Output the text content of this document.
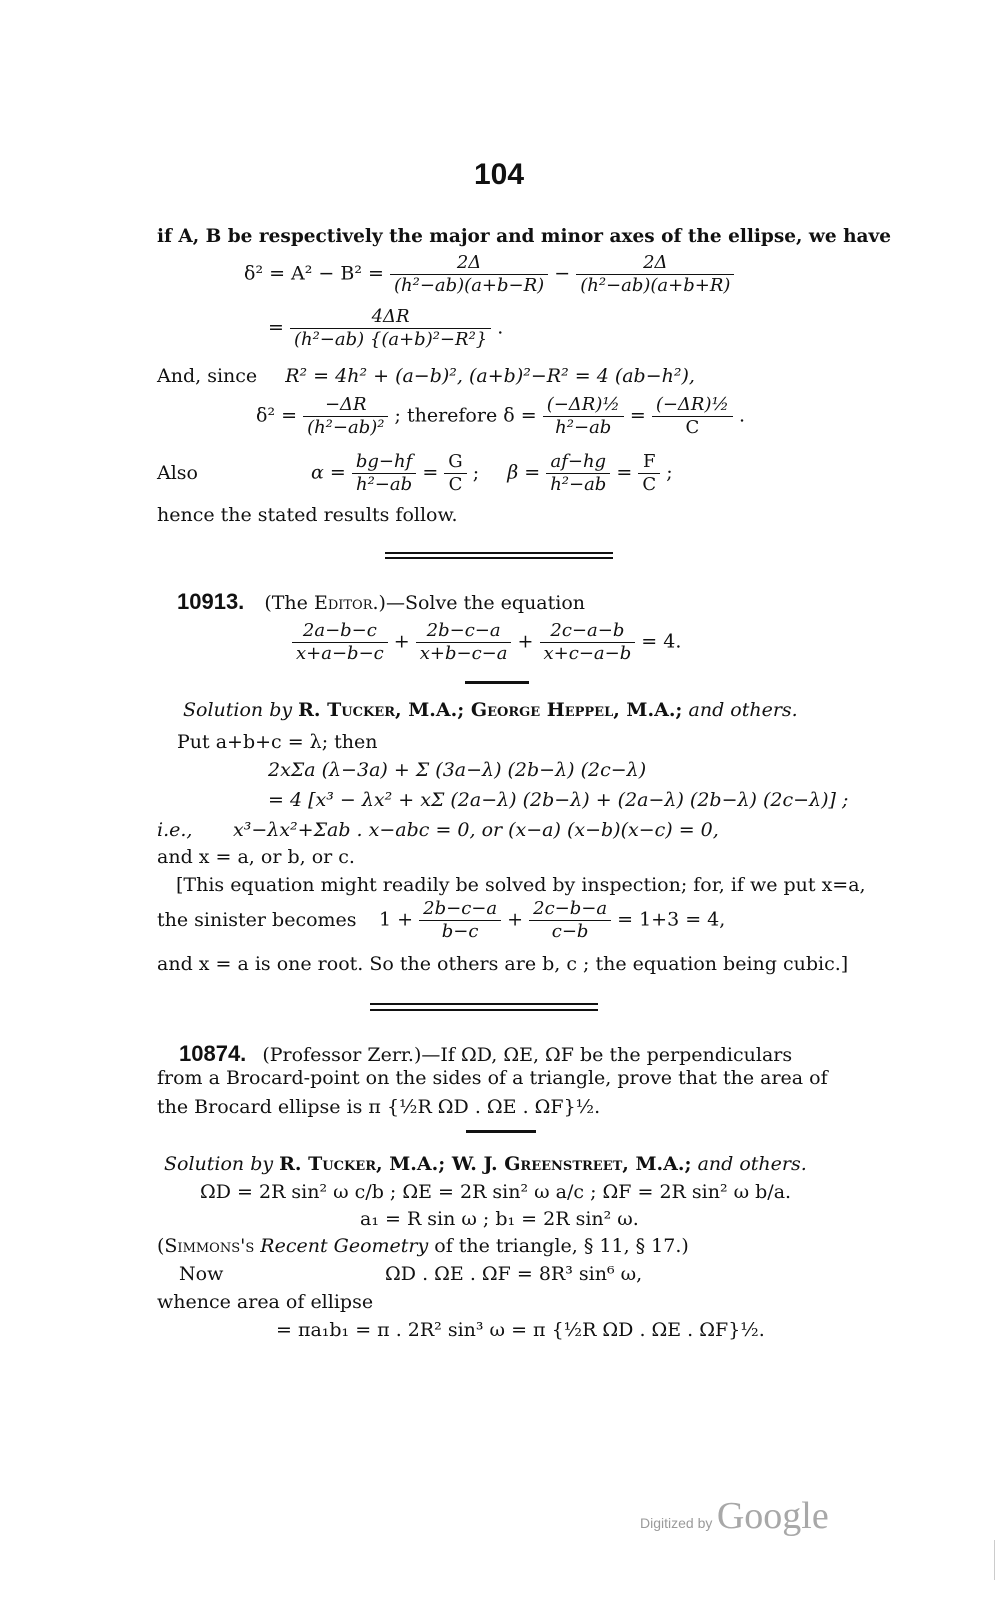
104
if A, B be respectively the major and minor axes of the ellipse, we have
$\delta^2 = A^2 - B^2 = \frac{2\Delta}{\text{(h²−ab)(a+b−R)}} - \frac{2\Delta}{\text{(h²−ab)(a+b+R)}}$
= $\frac{4\Delta R}{\text{(h²−ab) \{(a+b)²−R²\}}}$ .
And, since R² = 4h² + (a−b)², (a+b)²−R² = 4 (ab−h²),
$\delta^2 = \frac{-\Delta R}{\text{(h²−ab)²}}$ ; therefore $\delta = \frac{\text{(−ΔR)½}}{\text{h²−ab}} = \frac{\text{(−ΔR)½}}{C}$ .
Also	$\alpha = \frac{bg-hf}{\text{h²−ab}} = \frac{G}{C}$ ; $\beta = \frac{af-hg}{\text{h²−ab}} = \frac{F}{C}$ ;
hence the stated results follow.
10913. (The Editor.)—Solve the equation
$\frac{2a-b-c}{x+a-b-c} + \frac{2b-c-a}{x+b-c-a} + \frac{2c-a-b}{x+c-a-b} = 4$.
Solution by R. Tucker, M.A.; George Heppel, M.A.; and others.
Put a+b+c = λ; then
2xΣa (λ−3a) + Σ (3a−λ) (2b−λ) (2c−λ)
= 4 [x³ − λx² + xΣ (2a−λ) (2b−λ) + (2a−λ) (2b−λ) (2c−λ)] ;
i.e., x³−λx²+Σab . x−abc = 0, or (x−a) (x−b)(x−c) = 0,
and x = a, or b, or c.
[This equation might readily be solved by inspection; for, if we put x=a,
the sinister becomes $1 + \frac{2b-c-a}{b-c} + \frac{2c-b-a}{c-b} = 1+3 = 4$,
and x = a is one root. So the others are b, c ; the equation being cubic.]
10874. (Professor Zerr.)—If ΩD, ΩE, ΩF be the perpendiculars
from a Brocard-point on the sides of a triangle, prove that the area of
the Brocard ellipse is π {½R ΩD . ΩE . ΩF}½.
Solution by R. Tucker, M.A.; W. J. Greenstreet, M.A.; and others.
ΩD = 2R sin² ω c/b ; ΩE = 2R sin² ω a/c ; ΩF = 2R sin² ω b/a.
a₁ = R sin ω ; b₁ = 2R sin² ω.
(Simmons's Recent Geometry of the triangle, § 11, § 17.)
Now	ΩD . ΩE . ΩF = 8R³ sin⁶ ω,
whence area of ellipse
= πa₁b₁ = π . 2R² sin³ ω = π {½R ΩD . ΩE . ΩF}½.
Digitized by Google
